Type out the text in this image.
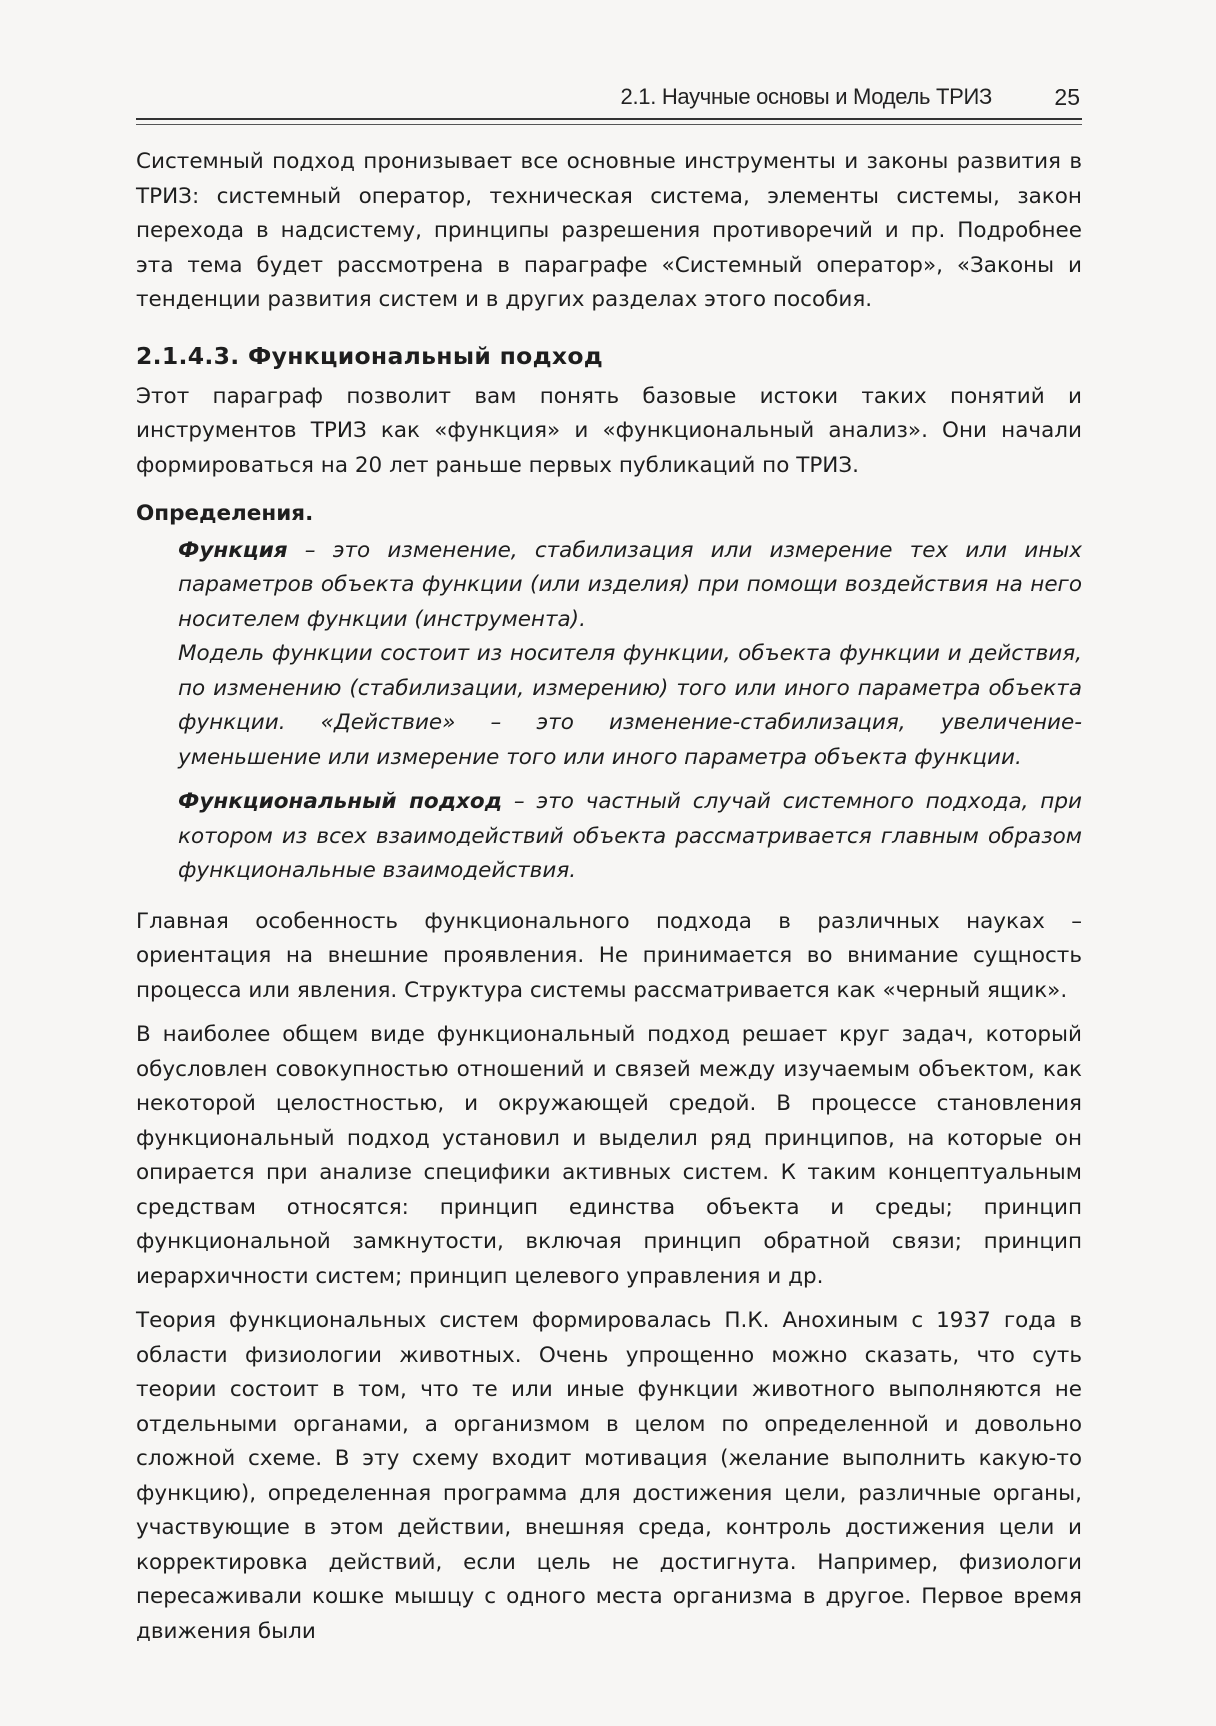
2.1. Научные основы и Модель ТРИЗ	25

Системный подход пронизывает все основные инструменты и законы развития в ТРИЗ: системный оператор, техническая система, элементы системы, закон перехода в надсистему, принципы разрешения противоречий и пр. Подробнее эта тема будет рассмотрена в параграфе «Системный оператор», «Законы и тенденции развития систем и в других разделах этого пособия.

2.1.4.3. Функциональный подход

Этот параграф позволит вам понять базовые истоки таких понятий и инструментов ТРИЗ как «функция» и «функциональный анализ». Они начали формироваться на 20 лет раньше первых публикаций по ТРИЗ.

Определения.

Функция – это изменение, стабилизация или измерение тех или иных параметров объекта функции (или изделия) при помощи воздействия на него носителем функции (инструмента).

Модель функции состоит из носителя функции, объекта функции и действия, по изменению (стабилизации, измерению) того или иного параметра объекта функции. «Действие» – это изменение-стабилизация, увеличение-уменьшение или измерение того или иного параметра объекта функции.

Функциональный подход – это частный случай системного подхода, при котором из всех взаимодействий объекта рассматривается главным образом функциональные взаимодействия.

Главная особенность функционального подхода в различных науках – ориентация на внешние проявления. Не принимается во внимание сущность процесса или явления. Структура системы рассматривается как «черный ящик».

В наиболее общем виде функциональный подход решает круг задач, который обусловлен совокупностью отношений и связей между изучаемым объектом, как некоторой целостностью, и окружающей средой. В процессе становления функциональный подход установил и выделил ряд принципов, на которые он опирается при анализе специфики активных систем. К таким концептуальным средствам относятся: принцип единства объекта и среды; принцип функциональной замкнутости, включая принцип обратной связи; принцип иерархичности систем; принцип целевого управления и др.

Теория функциональных систем формировалась П.К. Анохиным с 1937 года в области физиологии животных. Очень упрощенно можно сказать, что суть теории состоит в том, что те или иные функции животного выполняются не отдельными органами, а организмом в целом по определенной и довольно сложной схеме. В эту схему входит мотивация (желание выполнить какую-то функцию), определенная программа для достижения цели, различные органы, участвующие в этом действии, внешняя среда, контроль достижения цели и корректировка действий, если цель не достигнута. Например, физиологи пересаживали кошке мышцу с одного места организма в другое. Первое время движения были
